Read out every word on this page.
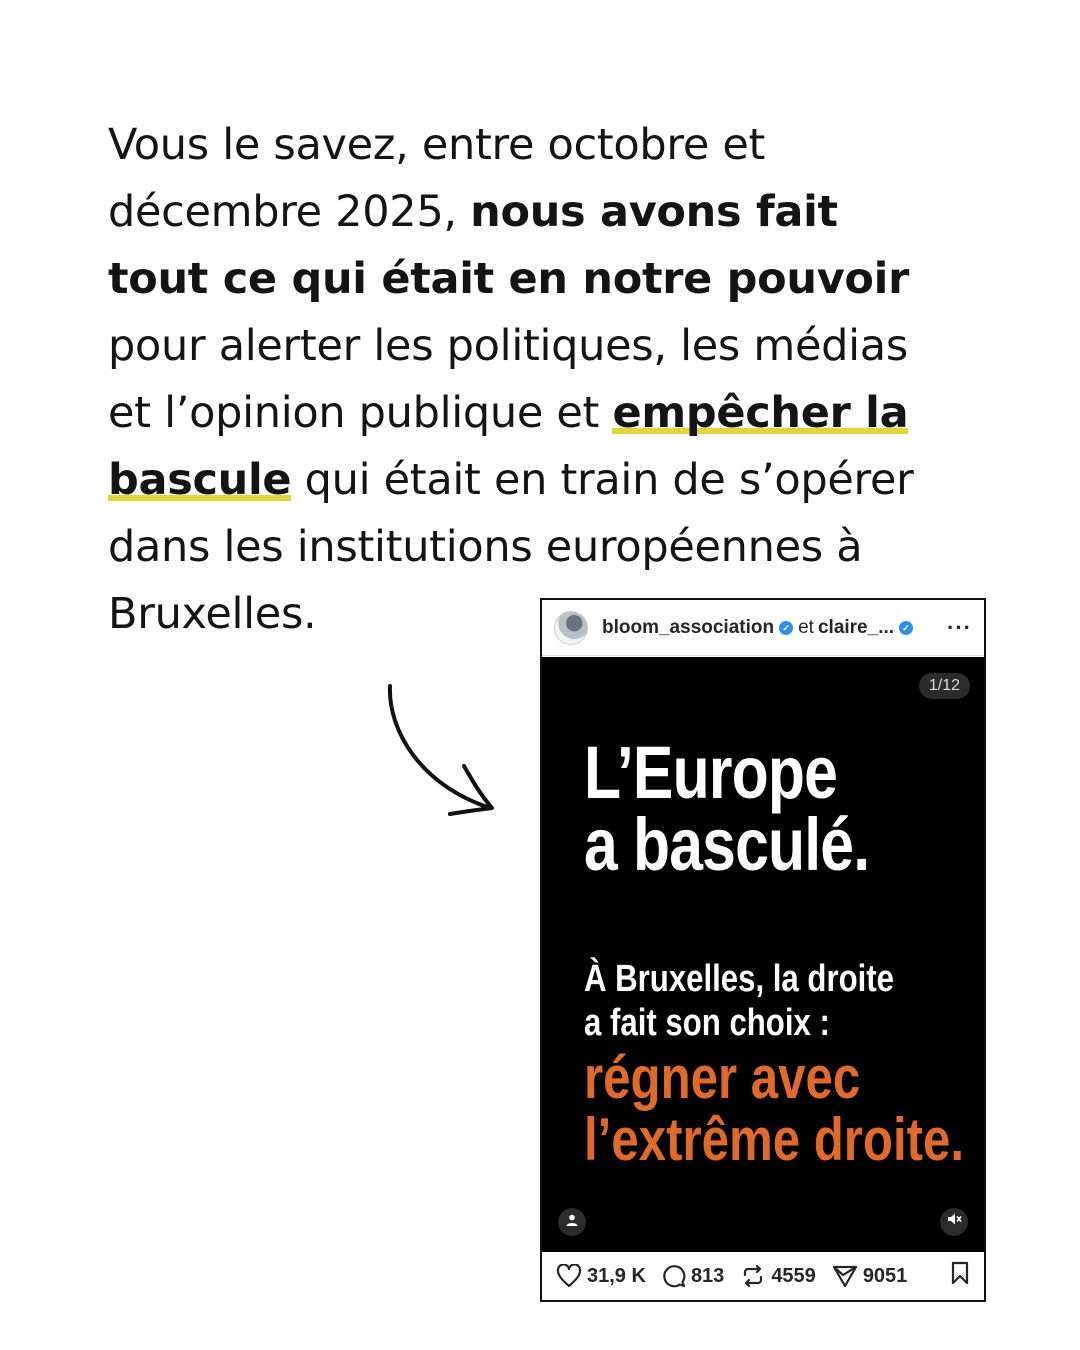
Vous le savez, entre octobre et
décembre 2025, nous avons fait
tout ce qui était en notre pouvoir
pour alerter les politiques, les médias
et l’opinion publique et empêcher la
bascule qui était en train de s’opérer
dans les institutions européennes à
Bruxelles.	bloom_association ✓ et claire_... ✓ ···
1/12
L’Europe
a basculé.
À Bruxelles, la droite
a fait son choix :
régner avec
l’extrême droite.
31,9 K 813 4559 9051
